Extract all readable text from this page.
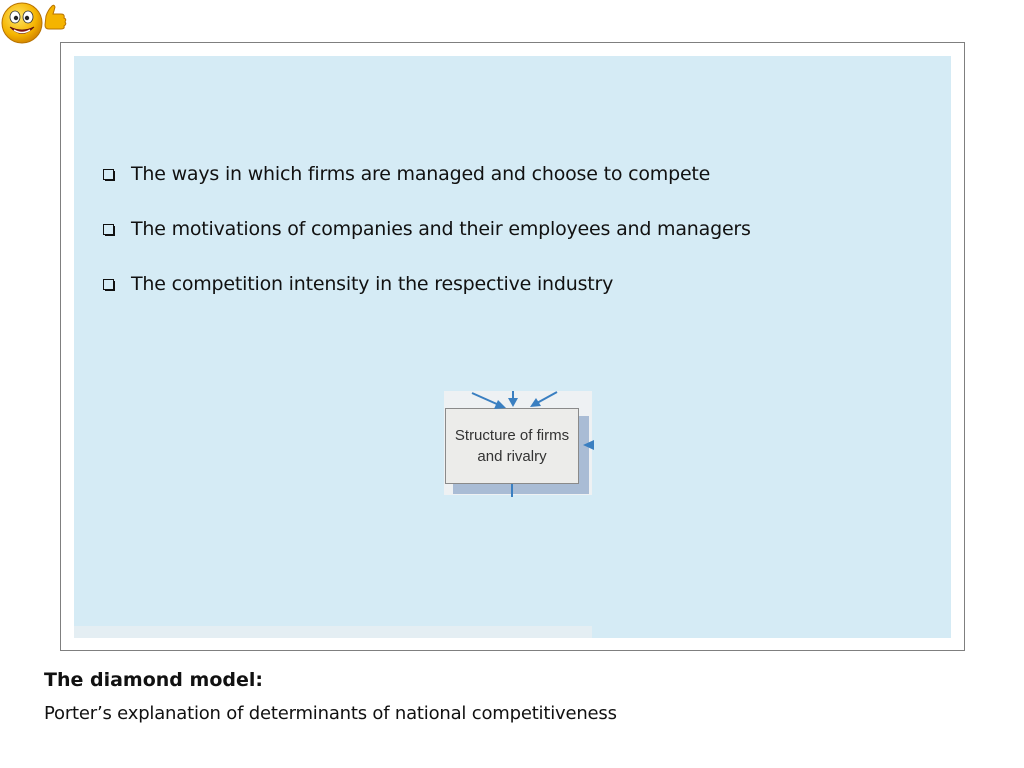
The ways in which firms are managed and choose to compete
The motivations of companies and their employees and managers
The competition intensity in the respective industry
Structure of firms and rivalry
The diamond model:
Porter’s explanation of determinants of national competitiveness
